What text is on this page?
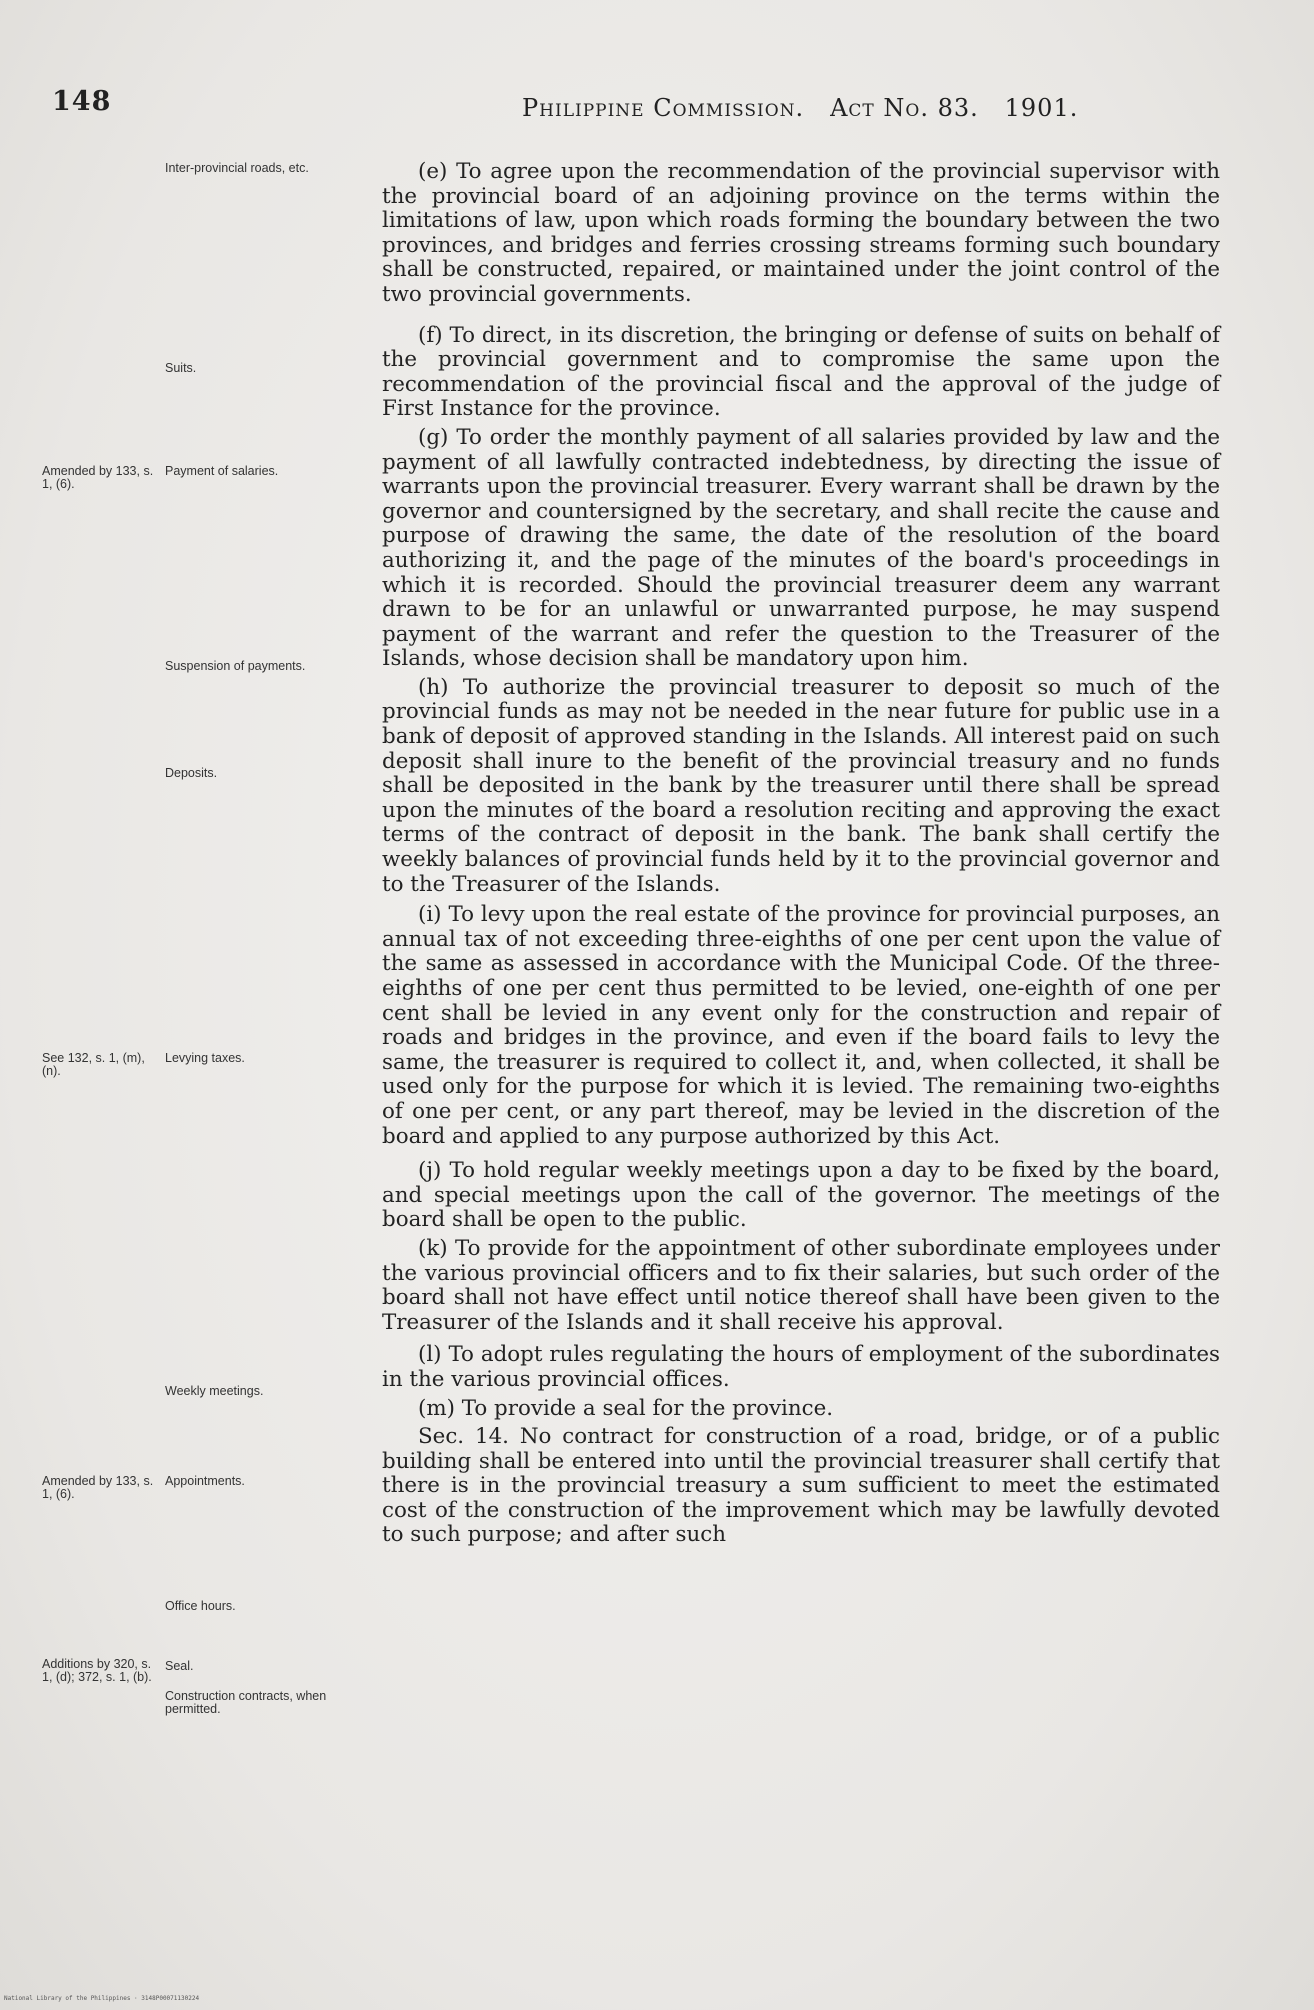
148	Philippine Commission. Act No. 83. 1901.
Inter-provincial roads, etc.
Suits.
Amended by 133, s. 1, (6).
Payment of salaries.
Suspension of payments.
Deposits.
See 132, s. 1, (m), (n).
Levying taxes.
Weekly meetings.
Amended by 133, s. 1, (6).
Appointments.
Office hours.
Additions by 320, s. 1, (d); 372, s. 1, (b).
Seal.
Construction contracts, when permitted.

(e) To agree upon the recommendation of the provincial supervisor with the provincial board of an adjoining province on the terms within the limitations of law, upon which roads forming the boundary between the two provinces, and bridges and ferries crossing streams forming such boundary shall be constructed, repaired, or maintained under the joint control of the two provincial governments.

(f) To direct, in its discretion, the bringing or defense of suits on behalf of the provincial government and to compromise the same upon the recommendation of the provincial fiscal and the approval of the judge of First Instance for the province.

(g) To order the monthly payment of all salaries provided by law and the payment of all lawfully contracted indebtedness, by directing the issue of warrants upon the provincial treasurer. Every warrant shall be drawn by the governor and countersigned by the secretary, and shall recite the cause and purpose of drawing the same, the date of the resolution of the board authorizing it, and the page of the minutes of the board's proceedings in which it is recorded. Should the provincial treasurer deem any warrant drawn to be for an unlawful or unwarranted purpose, he may suspend payment of the warrant and refer the question to the Treasurer of the Islands, whose decision shall be mandatory upon him.

(h) To authorize the provincial treasurer to deposit so much of the provincial funds as may not be needed in the near future for public use in a bank of deposit of approved standing in the Islands. All interest paid on such deposit shall inure to the benefit of the provincial treasury and no funds shall be deposited in the bank by the treasurer until there shall be spread upon the minutes of the board a resolution reciting and approving the exact terms of the contract of deposit in the bank. The bank shall certify the weekly balances of provincial funds held by it to the provincial governor and to the Treasurer of the Islands.

(i) To levy upon the real estate of the province for provincial purposes, an annual tax of not exceeding three-eighths of one per cent upon the value of the same as assessed in accordance with the Municipal Code. Of the three-eighths of one per cent thus permitted to be levied, one-eighth of one per cent shall be levied in any event only for the construction and repair of roads and bridges in the province, and even if the board fails to levy the same, the treasurer is required to collect it, and, when collected, it shall be used only for the purpose for which it is levied. The remaining two-eighths of one per cent, or any part thereof, may be levied in the discretion of the board and applied to any purpose authorized by this Act.

(j) To hold regular weekly meetings upon a day to be fixed by the board, and special meetings upon the call of the governor. The meetings of the board shall be open to the public.

(k) To provide for the appointment of other subordinate employees under the various provincial officers and to fix their salaries, but such order of the board shall not have effect until notice thereof shall have been given to the Treasurer of the Islands and it shall receive his approval.

(l) To adopt rules regulating the hours of employment of the subordinates in the various provincial offices.

(m) To provide a seal for the province.

Sec. 14. No contract for construction of a road, bridge, or of a public building shall be entered into until the provincial treasurer shall certify that there is in the provincial treasury a sum sufficient to meet the estimated cost of the construction of the improvement which may be lawfully devoted to such purpose; and after such

National Library of the Philippines · 3148P00071130224
